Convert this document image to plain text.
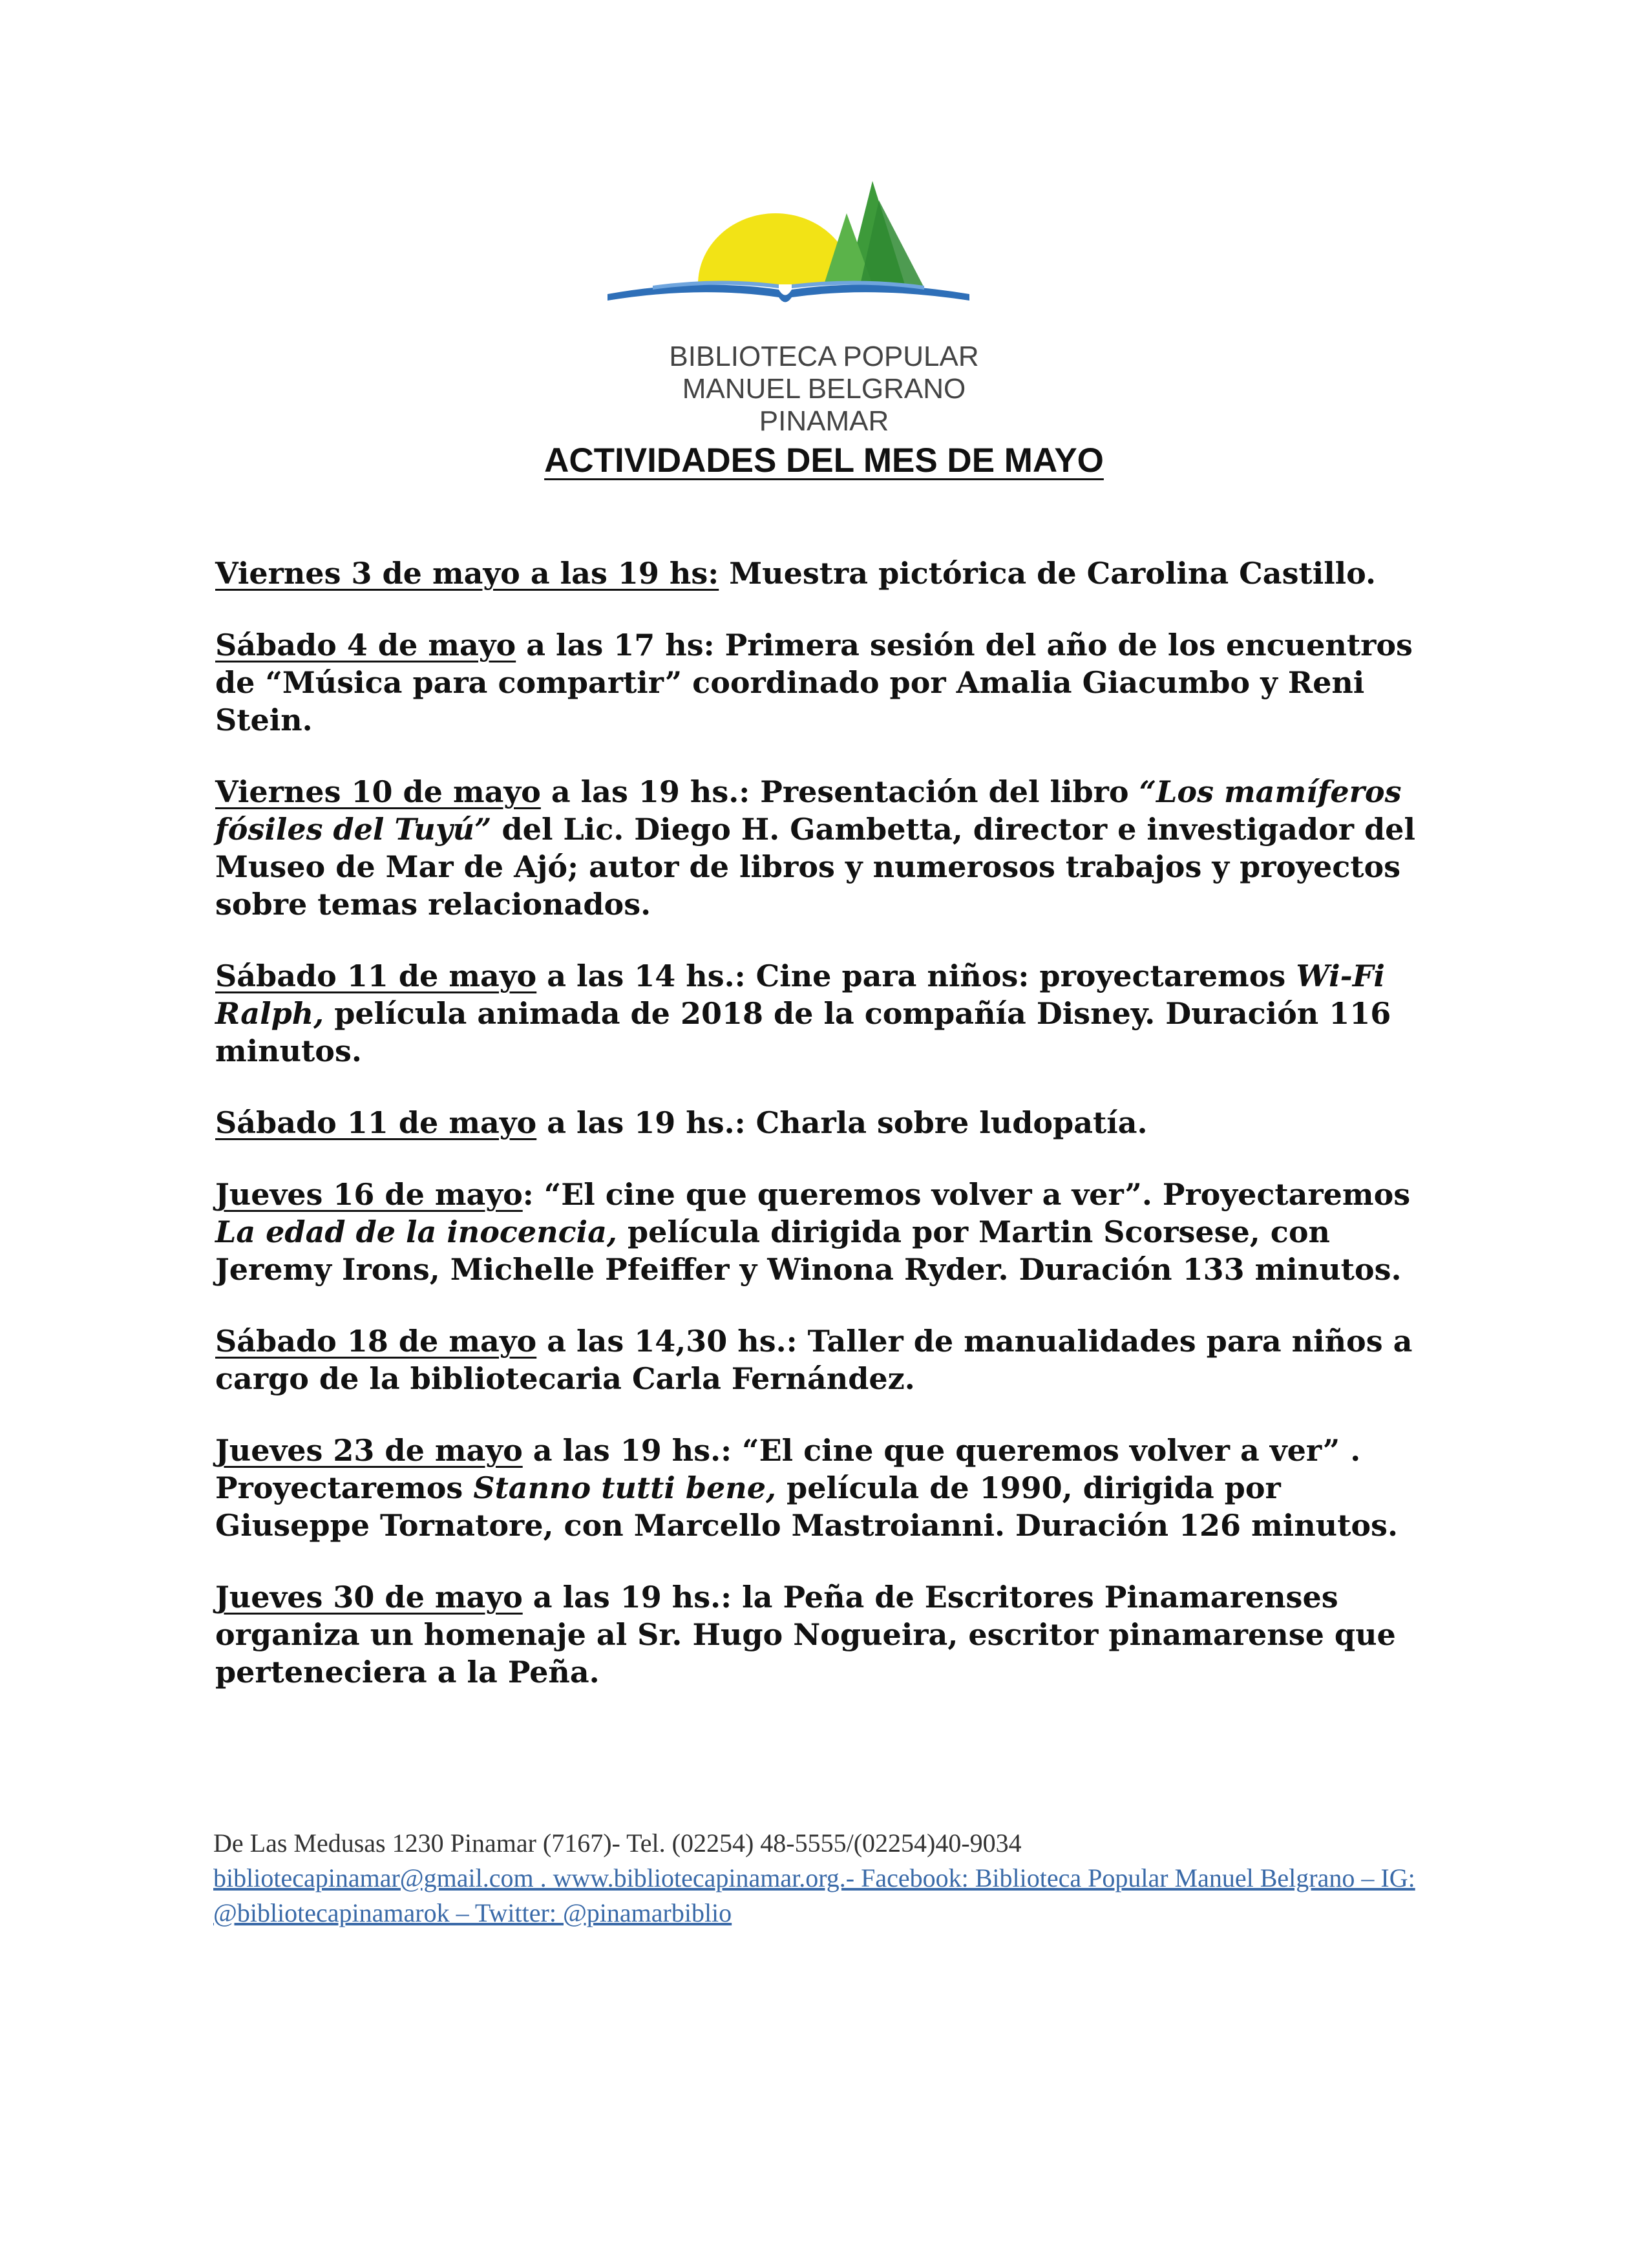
BIBLIOTECA POPULAR
MANUEL BELGRANO
PINAMAR
ACTIVIDADES DEL MES DE MAYO

Viernes 3 de mayo a las 19 hs: Muestra pictórica de Carolina Castillo.

Sábado 4 de mayo a las 17 hs: Primera sesión del año de los encuentros de “Música para compartir” coordinado por Amalia Giacumbo y Reni Stein.

Viernes 10 de mayo a las 19 hs.: Presentación del libro “Los mamíferos fósiles del Tuyú” del Lic. Diego H. Gambetta, director e investigador del Museo de Mar de Ajó; autor de libros y numerosos trabajos y proyectos sobre temas relacionados.

Sábado 11 de mayo a las 14 hs.: Cine para niños: proyectaremos Wi-Fi Ralph, película animada de 2018 de la compañía Disney. Duración 116 minutos.

Sábado 11 de mayo a las 19 hs.: Charla sobre ludopatía.

Jueves 16 de mayo: “El cine que queremos volver a ver”. Proyectaremos La edad de la inocencia, película dirigida por Martin Scorsese, con Jeremy Irons, Michelle Pfeiffer y Winona Ryder. Duración 133 minutos.

Sábado 18 de mayo a las 14,30 hs.: Taller de manualidades para niños a cargo de la bibliotecaria Carla Fernández.

Jueves 23 de mayo a las 19 hs.: “El cine que queremos volver a ver” . Proyectaremos Stanno tutti bene, película de 1990, dirigida por Giuseppe Tornatore, con Marcello Mastroianni. Duración 126 minutos.

Jueves 30 de mayo a las 19 hs.: la Peña de Escritores Pinamarenses organiza un homenaje al Sr. Hugo Nogueira, escritor pinamarense que perteneciera a la Peña.

De Las Medusas 1230 Pinamar (7167)- Tel. (02254) 48-5555/(02254)40-9034
bibliotecapinamar@gmail.com . www.bibliotecapinamar.org.- Facebook: Biblioteca Popular Manuel Belgrano – IG: @bibliotecapinamarok – Twitter: @pinamarbiblio
